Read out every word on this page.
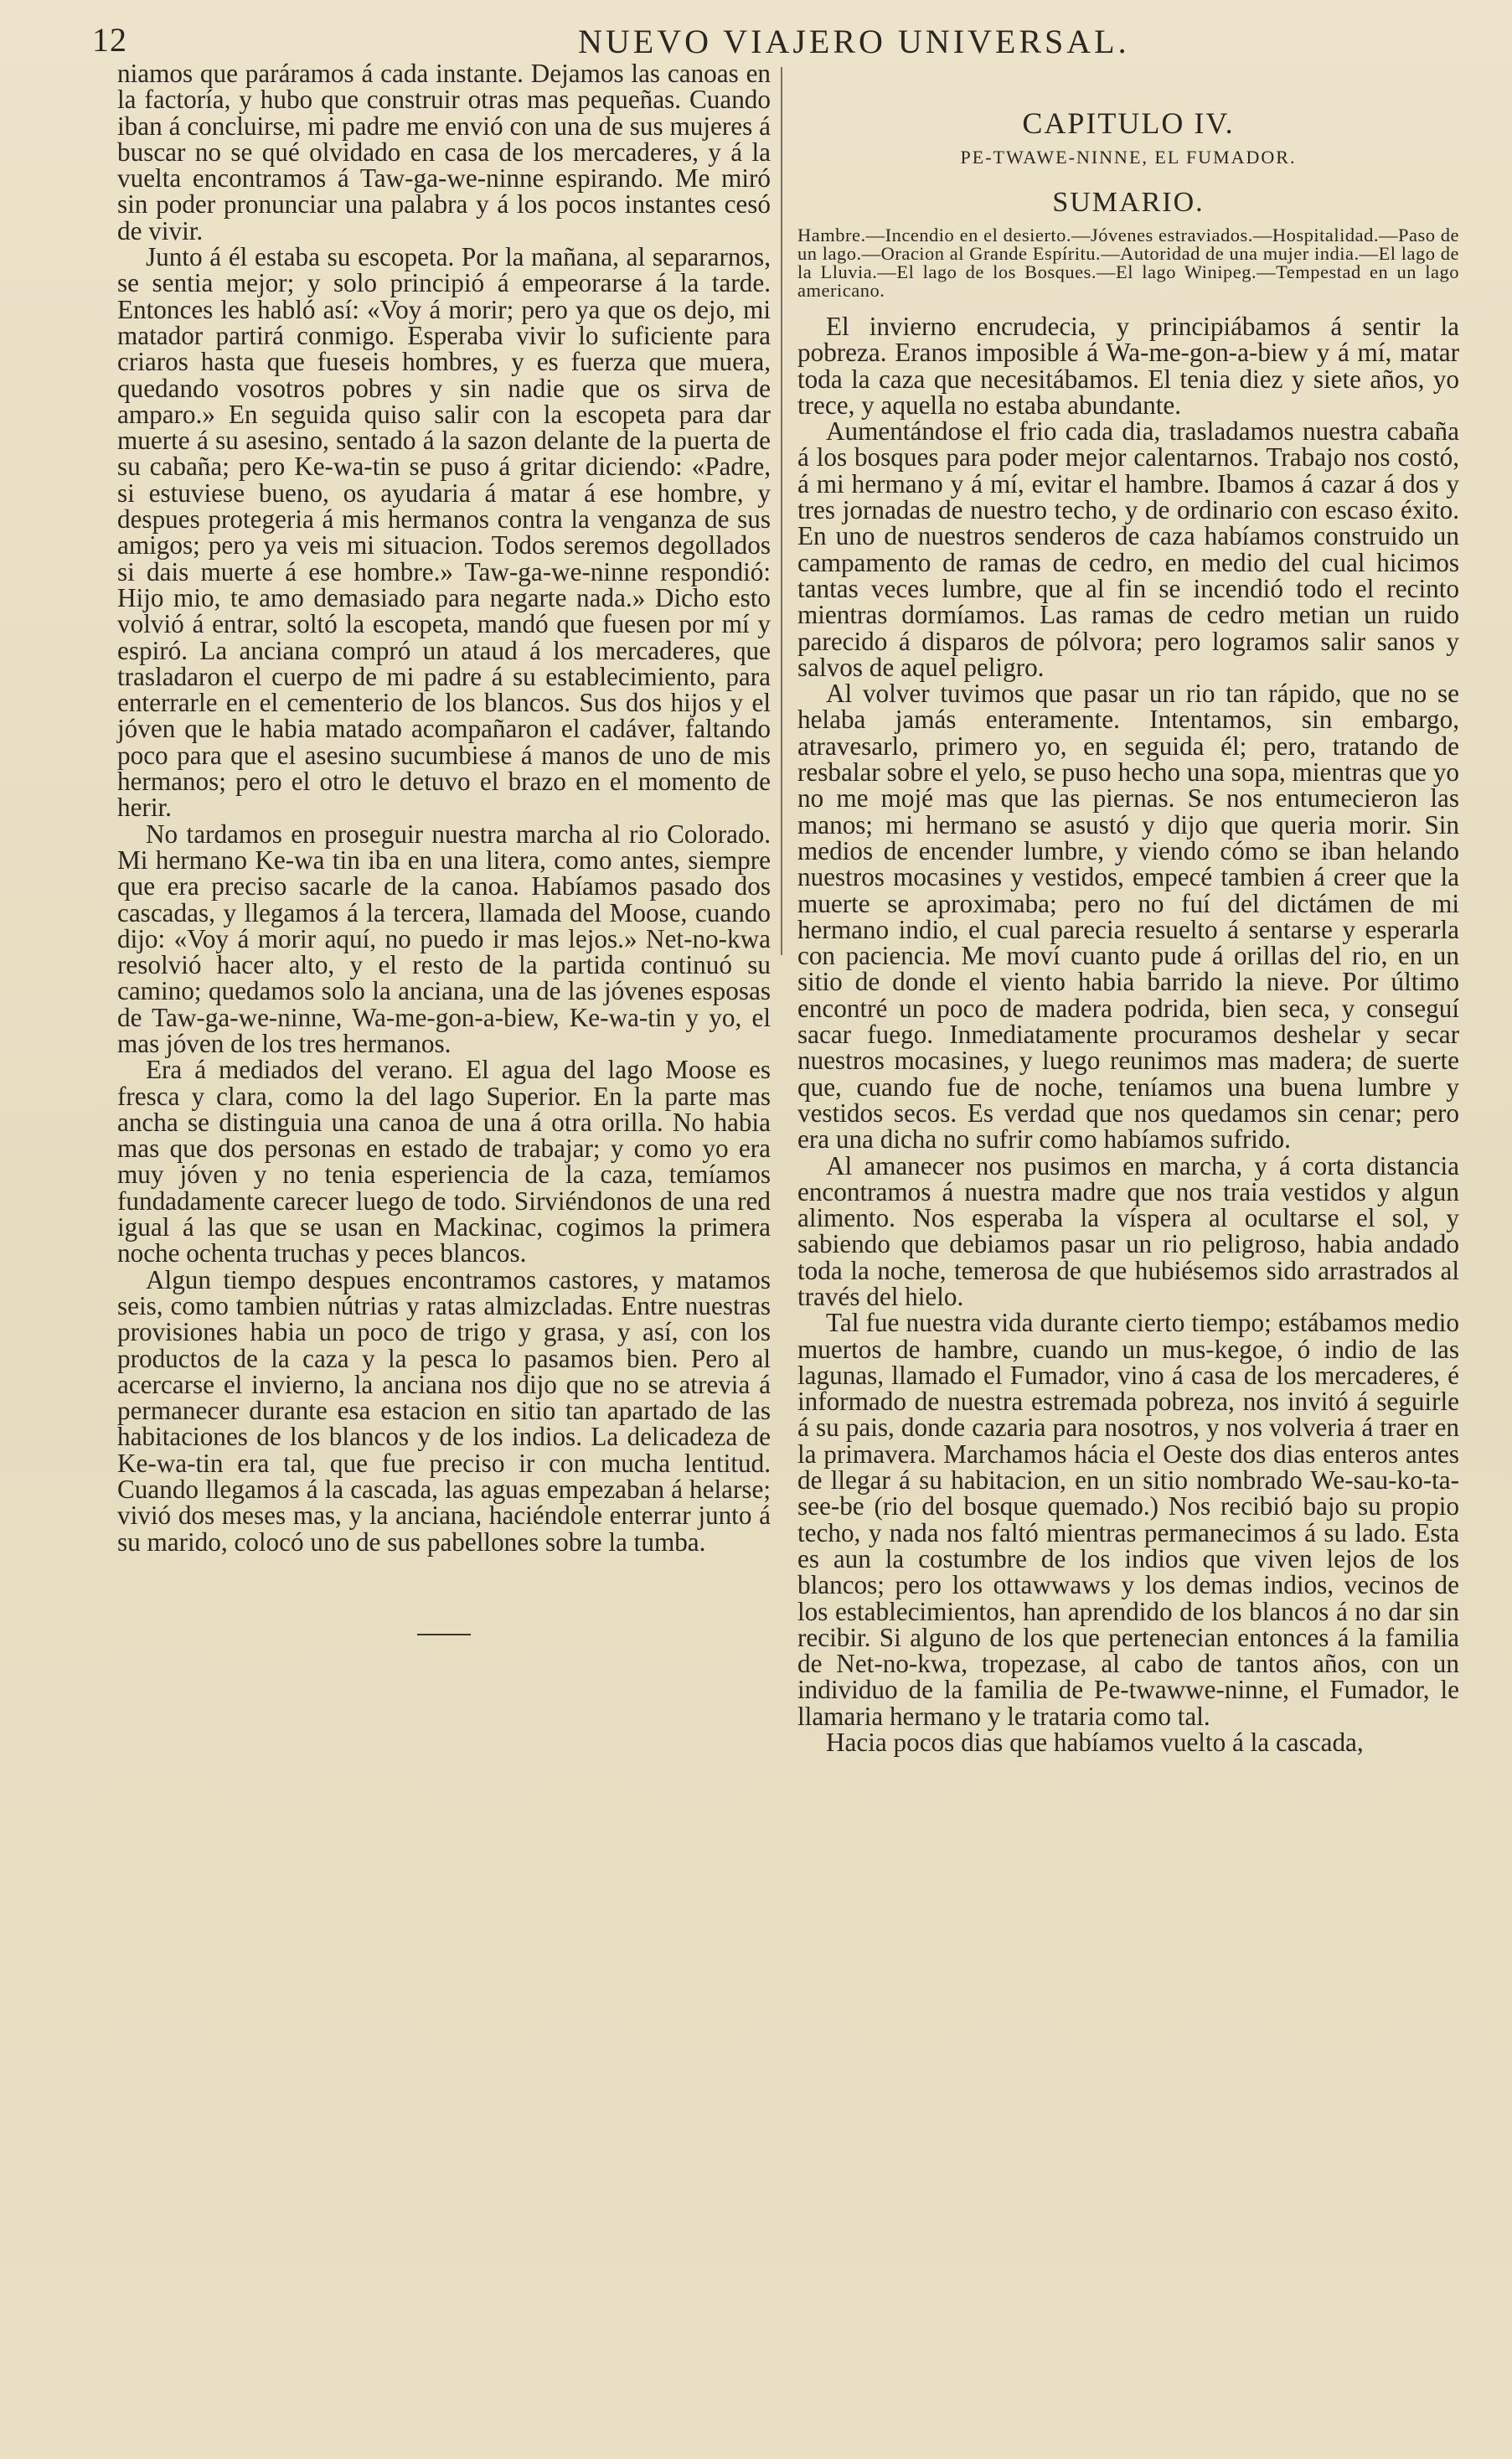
12	NUEVO VIAJERO UNIVERSAL.

niamos que paráramos á cada instante. Dejamos las canoas en la factoría, y hubo que construir otras mas pequeñas. Cuando iban á concluirse, mi padre me envió con una de sus mujeres á buscar no se qué olvidado en casa de los mercaderes, y á la vuelta encontramos á Taw-ga-we-ninne espirando. Me miró sin poder pronunciar una palabra y á los pocos instantes cesó de vivir.

Junto á él estaba su escopeta. Por la mañana, al separarnos, se sentia mejor; y solo principió á empeorarse á la tarde. Entonces les habló así: «Voy á morir; pero ya que os dejo, mi matador partirá conmigo. Esperaba vivir lo suficiente para criaros hasta que fueseis hombres, y es fuerza que muera, quedando vosotros pobres y sin nadie que os sirva de amparo.» En seguida quiso salir con la escopeta para dar muerte á su asesino, sentado á la sazon delante de la puerta de su cabaña; pero Ke-wa-tin se puso á gritar diciendo: «Padre, si estuviese bueno, os ayudaria á matar á ese hombre, y despues protegeria á mis hermanos contra la venganza de sus amigos; pero ya veis mi situacion. Todos seremos degollados si dais muerte á ese hombre.» Taw-ga-we-ninne respondió: Hijo mio, te amo demasiado para negarte nada.» Dicho esto volvió á entrar, soltó la escopeta, mandó que fuesen por mí y espiró. La anciana compró un ataud á los mercaderes, que trasladaron el cuerpo de mi padre á su establecimiento, para enterrarle en el cementerio de los blancos. Sus dos hijos y el jóven que le habia matado acompañaron el cadáver, faltando poco para que el asesino sucumbiese á manos de uno de mis hermanos; pero el otro le detuvo el brazo en el momento de herir.

No tardamos en proseguir nuestra marcha al rio Colorado. Mi hermano Ke-wa tin iba en una litera, como antes, siempre que era preciso sacarle de la canoa. Habíamos pasado dos cascadas, y llegamos á la tercera, llamada del Moose, cuando dijo: «Voy á morir aquí, no puedo ir mas lejos.» Net-no-kwa resolvió hacer alto, y el resto de la partida continuó su camino; quedamos solo la anciana, una de las jóvenes esposas de Taw-ga-we-ninne, Wa-me-gon-a-biew, Ke-wa-tin y yo, el mas jóven de los tres hermanos.

Era á mediados del verano. El agua del lago Moose es fresca y clara, como la del lago Superior. En la parte mas ancha se distinguia una canoa de una á otra orilla. No habia mas que dos personas en estado de trabajar; y como yo era muy jóven y no tenia esperiencia de la caza, temíamos fundadamente carecer luego de todo. Sirviéndonos de una red igual á las que se usan en Mackinac, cogimos la primera noche ochenta truchas y peces blancos.

Algun tiempo despues encontramos castores, y matamos seis, como tambien nútrias y ratas almizcladas. Entre nuestras provisiones habia un poco de trigo y grasa, y así, con los productos de la caza y la pesca lo pasamos bien. Pero al acercarse el invierno, la anciana nos dijo que no se atrevia á permanecer durante esa estacion en sitio tan apartado de las habitaciones de los blancos y de los indios. La delicadeza de Ke-wa-tin era tal, que fue preciso ir con mucha lentitud. Cuando llegamos á la cascada, las aguas empezaban á helarse; vivió dos meses mas, y la anciana, haciéndole enterrar junto á su marido, colocó uno de sus pabellones sobre la tumba.

CAPITULO IV.
PE-TWAWE-NINNE, EL FUMADOR.
SUMARIO.
Hambre.—Incendio en el desierto.—Jóvenes estraviados.—Hospitalidad.—Paso de un lago.—Oracion al Grande Espíritu.—Autoridad de una mujer india.—El lago de la Lluvia.—El lago de los Bosques.—El lago Winipeg.—Tempestad en un lago americano.

El invierno encrudecia, y principiábamos á sentir la pobreza. Eranos imposible á Wa-me-gon-a-biew y á mí, matar toda la caza que necesitábamos. El tenia diez y siete años, yo trece, y aquella no estaba abundante.

Aumentándose el frio cada dia, trasladamos nuestra cabaña á los bosques para poder mejor calentarnos. Trabajo nos costó, á mi hermano y á mí, evitar el hambre. Ibamos á cazar á dos y tres jornadas de nuestro techo, y de ordinario con escaso éxito. En uno de nuestros senderos de caza habíamos construido un campamento de ramas de cedro, en medio del cual hicimos tantas veces lumbre, que al fin se incendió todo el recinto mientras dormíamos. Las ramas de cedro metian un ruido parecido á disparos de pólvora; pero logramos salir sanos y salvos de aquel peligro.

Al volver tuvimos que pasar un rio tan rápido, que no se helaba jamás enteramente. Intentamos, sin embargo, atravesarlo, primero yo, en seguida él; pero, tratando de resbalar sobre el yelo, se puso hecho una sopa, mientras que yo no me mojé mas que las piernas. Se nos entumecieron las manos; mi hermano se asustó y dijo que queria morir. Sin medios de encender lumbre, y viendo cómo se iban helando nuestros mocasines y vestidos, empecé tambien á creer que la muerte se aproximaba; pero no fuí del dictámen de mi hermano indio, el cual parecia resuelto á sentarse y esperarla con paciencia. Me moví cuanto pude á orillas del rio, en un sitio de donde el viento habia barrido la nieve. Por último encontré un poco de madera podrida, bien seca, y conseguí sacar fuego. Inmediatamente procuramos deshelar y secar nuestros mocasines, y luego reunimos mas madera; de suerte que, cuando fue de noche, teníamos una buena lumbre y vestidos secos. Es verdad que nos quedamos sin cenar; pero era una dicha no sufrir como habíamos sufrido.

Al amanecer nos pusimos en marcha, y á corta distancia encontramos á nuestra madre que nos traia vestidos y algun alimento. Nos esperaba la víspera al ocultarse el sol, y sabiendo que debiamos pasar un rio peligroso, habia andado toda la noche, temerosa de que hubiésemos sido arrastrados al través del hielo.

Tal fue nuestra vida durante cierto tiempo; estábamos medio muertos de hambre, cuando un mus-kegoe, ó indio de las lagunas, llamado el Fumador, vino á casa de los mercaderes, é informado de nuestra estremada pobreza, nos invitó á seguirle á su pais, donde cazaria para nosotros, y nos volveria á traer en la primavera. Marchamos hácia el Oeste dos dias enteros antes de llegar á su habitacion, en un sitio nombrado We-sau-ko-ta-see-be (rio del bosque quemado.) Nos recibió bajo su propio techo, y nada nos faltó mientras permanecimos á su lado. Esta es aun la costumbre de los indios que viven lejos de los blancos; pero los ottawwaws y los demas indios, vecinos de los establecimientos, han aprendido de los blancos á no dar sin recibir. Si alguno de los que pertenecian entonces á la familia de Net-no-kwa, tropezase, al cabo de tantos años, con un individuo de la familia de Pe-twawwe-ninne, el Fumador, le llamaria hermano y le trataria como tal.

Hacia pocos dias que habíamos vuelto á la cascada,
